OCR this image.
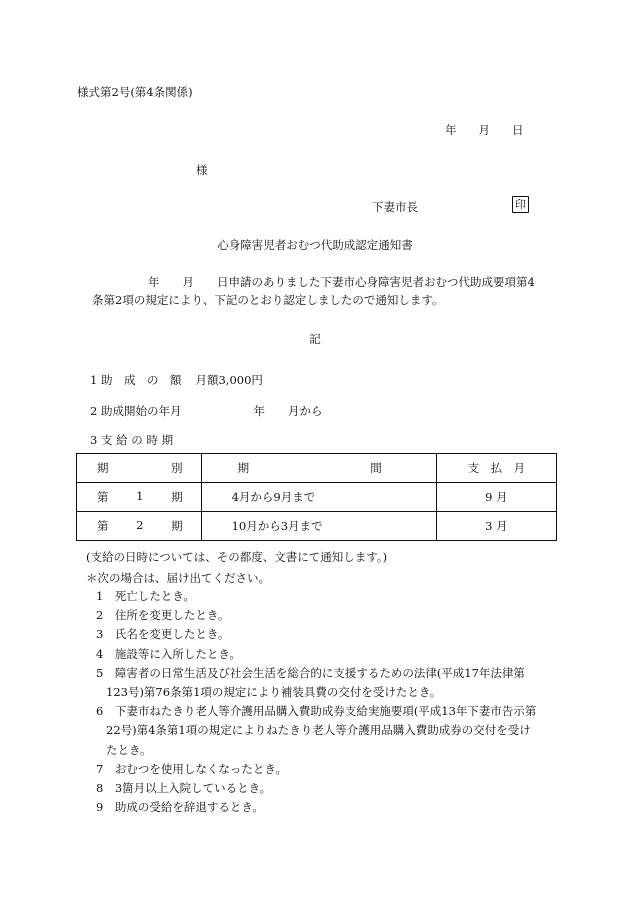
様式第2号(第4条関係)
年 月 日
様
下妻市長	印
心身障害児者おむつ代助成認定通知書
年　　月　　日申請のありました下妻市心身障害児者おむつ代助成要項第4
条第2項の規定により、下記のとおり認定しましたので通知します。
記
1 助　成　の　額 月額3,000円
2 助成開始の年月	年　　月から
3 支 給 の 時 期
期 別	期 間	支　払　月

第 1 期	4月から9月まで	9 月

第 2 期	10月から3月まで	3 月
(支給の日時については、その都度、文書にて通知します。)
＊次の場合は、届け出てください。
1　死亡したとき。
2　住所を変更したとき。
3　氏名を変更したとき。
4　施設等に入所したとき。
5　障害者の日常生活及び社会生活を総合的に支援するための法律(平成17年法律第
123号)第76条第1項の規定により補装具費の交付を受けたとき。
6　下妻市ねたきり老人等介護用品購入費助成券支給実施要項(平成13年下妻市告示第
22号)第4条第1項の規定によりねたきり老人等介護用品購入費助成券の交付を受け
たとき。
7　おむつを使用しなくなったとき。
8　3箇月以上入院しているとき。
9　助成の受給を辞退するとき。
